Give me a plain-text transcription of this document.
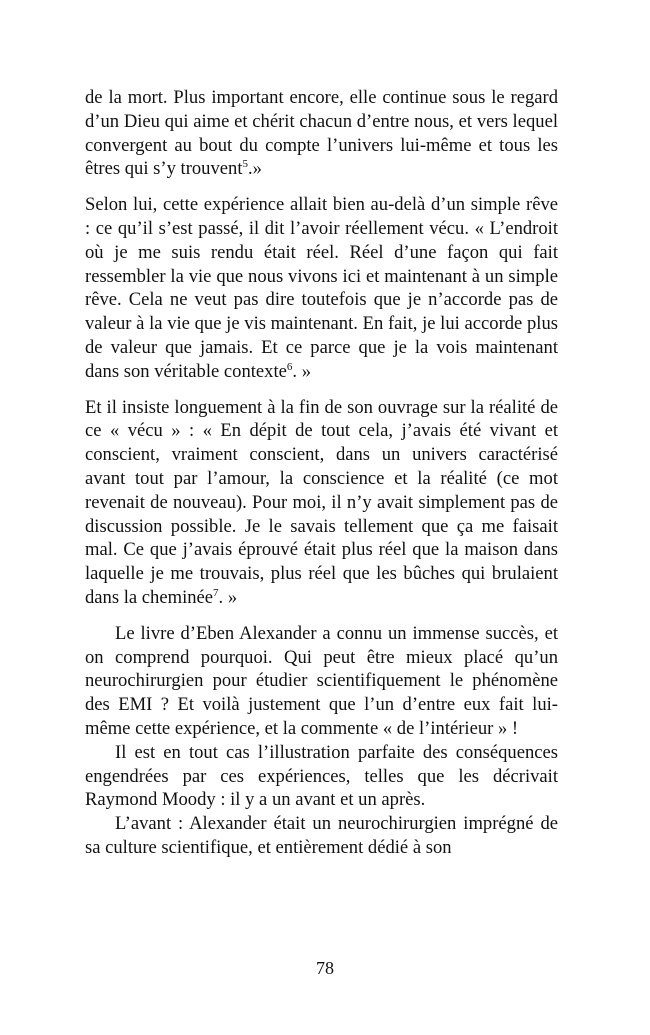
de la mort. Plus important encore, elle continue sous le regard d’un Dieu qui aime et chérit chacun d’entre nous, et vers lequel convergent au bout du compte l’univers lui-même et tous les êtres qui s’y trouvent$^5$.»

Selon lui, cette expérience allait bien au-delà d’un simple rêve : ce qu’il s’est passé, il dit l’avoir réellement vécu. « L’endroit où je me suis rendu était réel. Réel d’une façon qui fait ressembler la vie que nous vivons ici et maintenant à un simple rêve. Cela ne veut pas dire toutefois que je n’accorde pas de valeur à la vie que je vis maintenant. En fait, je lui accorde plus de valeur que jamais. Et ce parce que je la vois maintenant dans son véritable contexte$^6$. »

Et il insiste longuement à la fin de son ouvrage sur la réalité de ce « vécu » : « En dépit de tout cela, j’avais été vivant et conscient, vraiment conscient, dans un univers caractérisé avant tout par l’amour, la conscience et la réalité (ce mot revenait de nouveau). Pour moi, il n’y avait simplement pas de discussion possible. Je le savais tellement que ça me faisait mal. Ce que j’avais éprouvé était plus réel que la maison dans laquelle je me trouvais, plus réel que les bûches qui brulaient dans la cheminée$^7$. »

Le livre d’Eben Alexander a connu un immense succès, et on comprend pourquoi. Qui peut être mieux placé qu’un neurochirurgien pour étudier scientifiquement le phénomène des EMI ? Et voilà justement que l’un d’entre eux fait lui-même cette expérience, et la commente « de l’intérieur » !

Il est en tout cas l’illustration parfaite des conséquences engendrées par ces expériences, telles que les décrivait Raymond Moody : il y a un avant et un après.

L’avant : Alexander était un neurochirurgien imprégné de sa culture scientifique, et entièrement dédié à son

78
